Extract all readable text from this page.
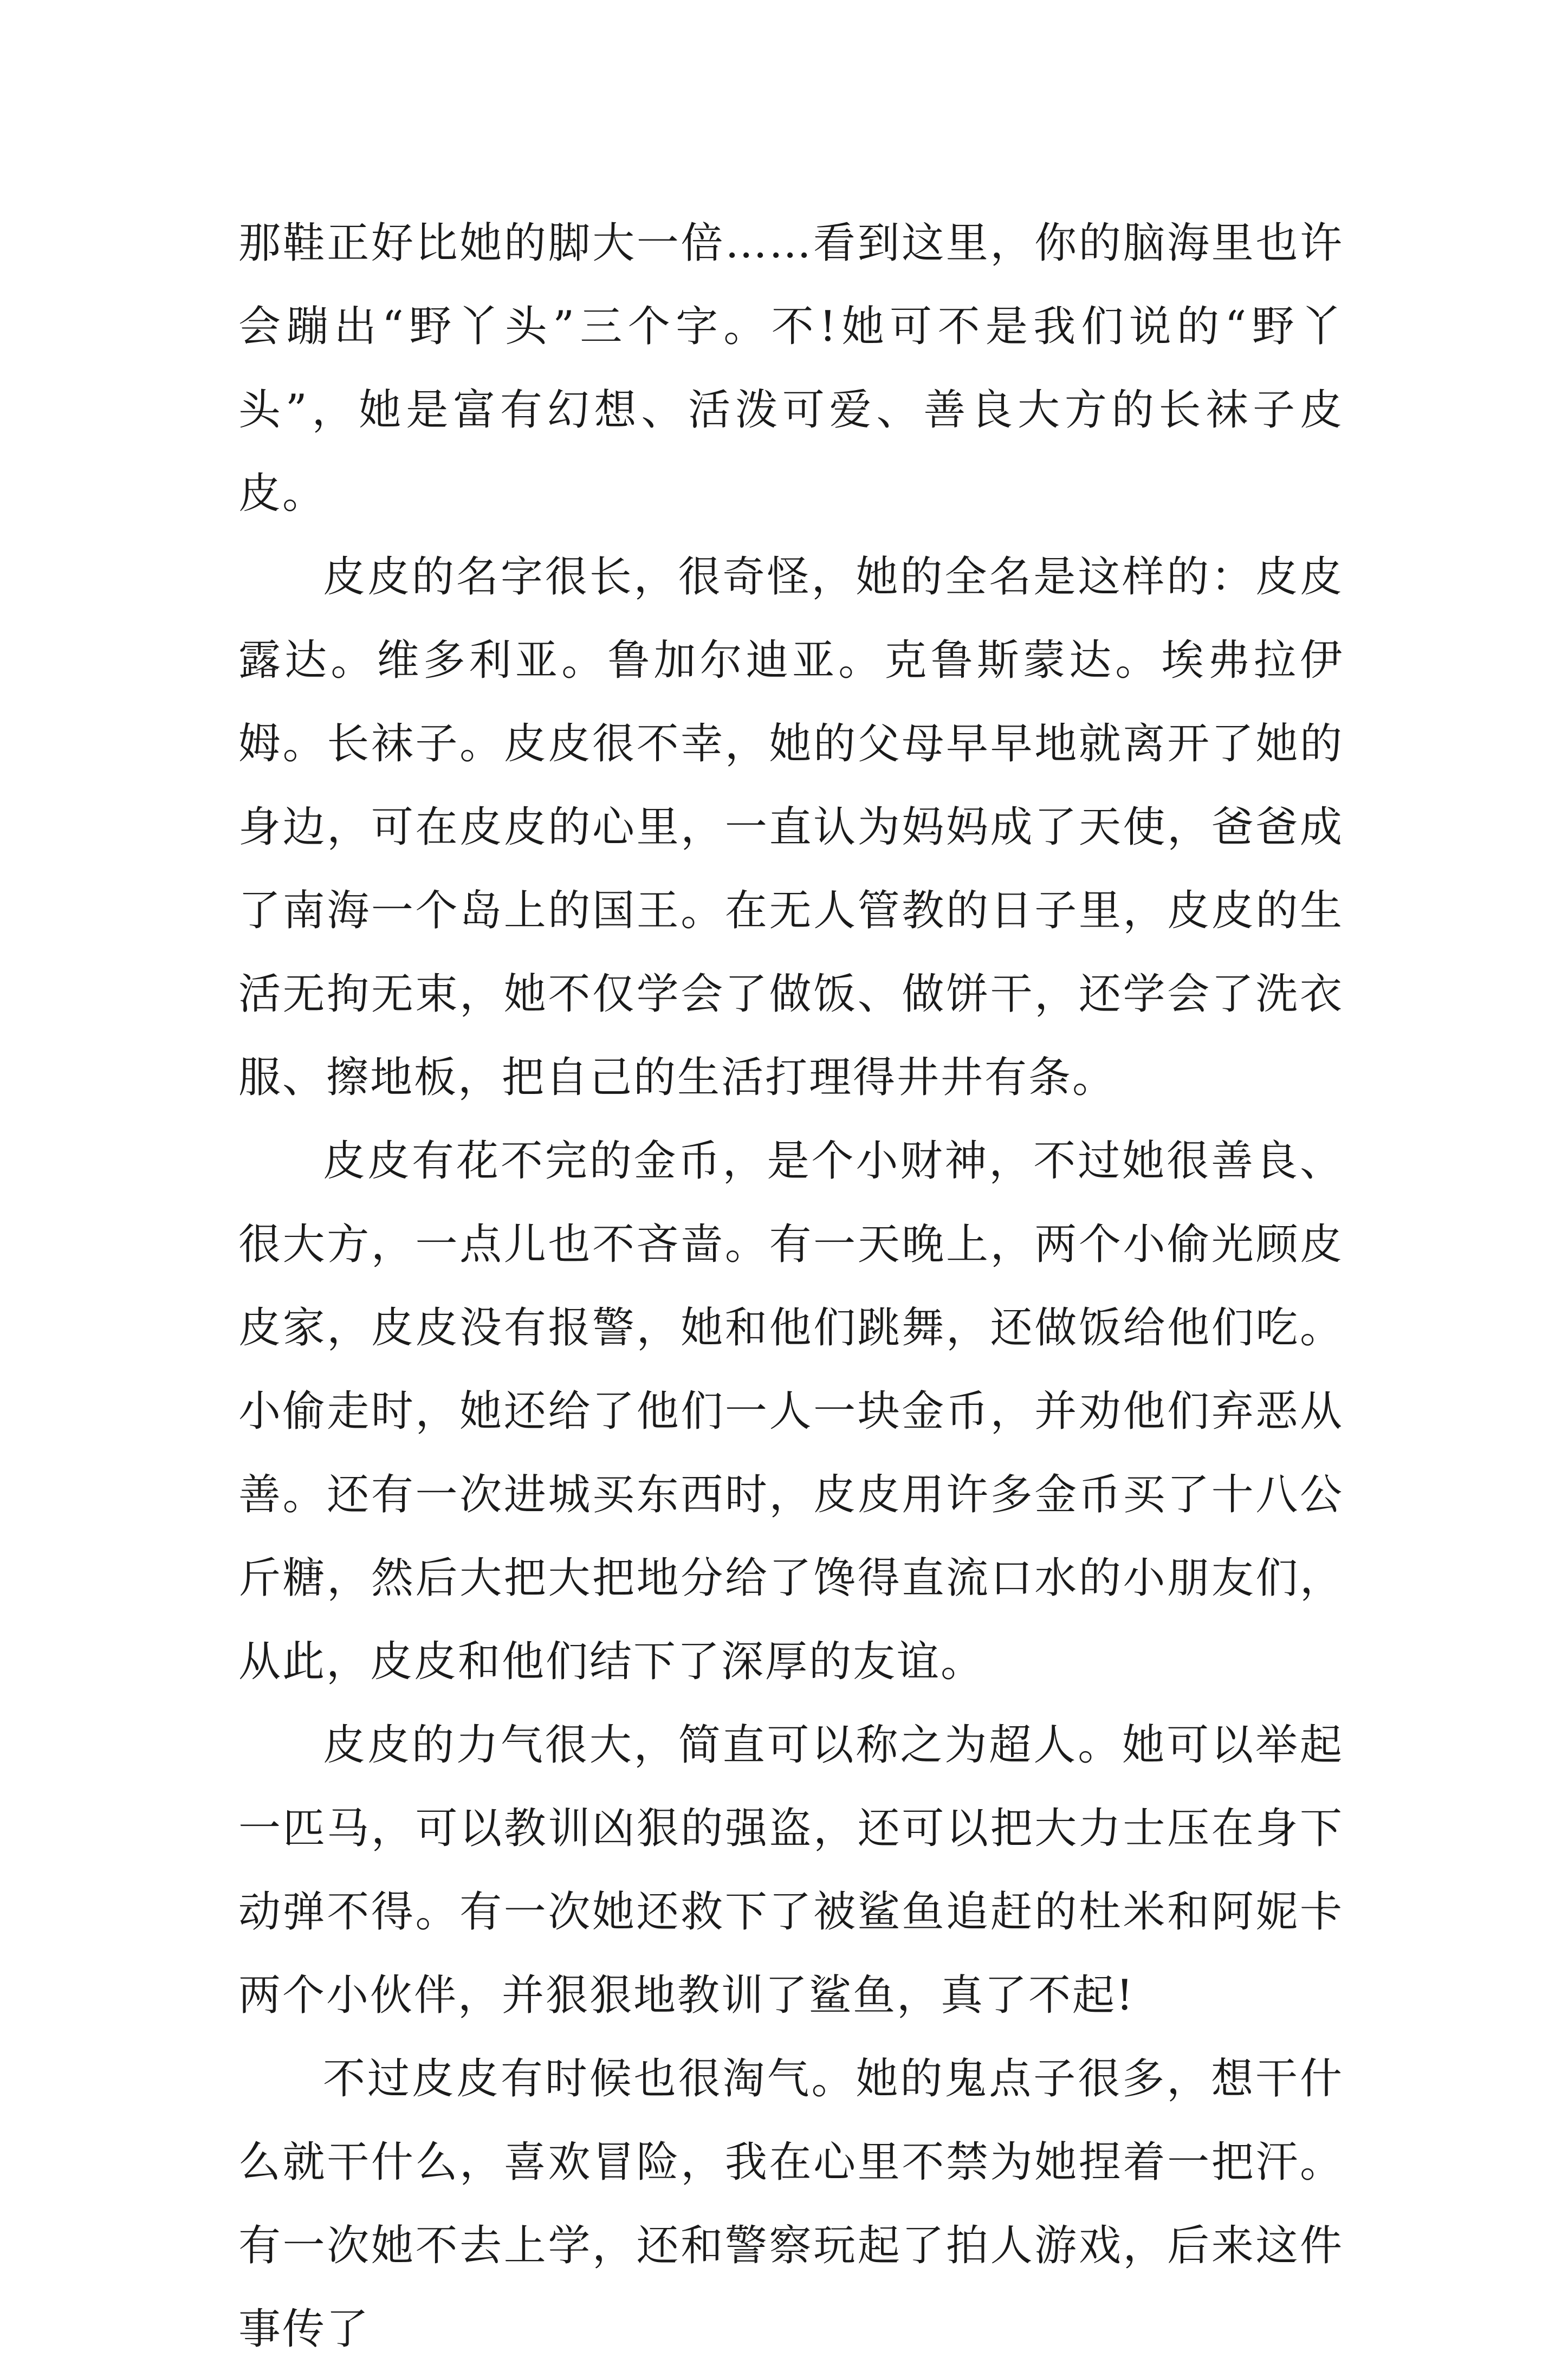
那鞋正好比她的脚大一倍……看到这里，你的脑海里也许会蹦出“野丫头”三个字。不!她可不是我们说的“野丫头”，她是富有幻想、活泼可爱、善良大方的长袜子皮皮。

皮皮的名字很长，很奇怪，她的全名是这样的：皮皮露达。维多利亚。鲁加尔迪亚。克鲁斯蒙达。埃弗拉伊姆。长袜子。皮皮很不幸，她的父母早早地就离开了她的身边，可在皮皮的心里，一直认为妈妈成了天使，爸爸成了南海一个岛上的国王。在无人管教的日子里，皮皮的生活无拘无束，她不仅学会了做饭、做饼干，还学会了洗衣服、擦地板，把自己的生活打理得井井有条。

皮皮有花不完的金币，是个小财神，不过她很善良、很大方，一点儿也不吝啬。有一天晚上，两个小偷光顾皮皮家，皮皮没有报警，她和他们跳舞，还做饭给他们吃。小偷走时，她还给了他们一人一块金币，并劝他们弃恶从善。还有一次进城买东西时，皮皮用许多金币买了十八公斤糖，然后大把大把地分给了馋得直流口水的小朋友们，从此，皮皮和他们结下了深厚的友谊。

皮皮的力气很大，简直可以称之为超人。她可以举起一匹马，可以教训凶狠的强盗，还可以把大力士压在身下动弹不得。有一次她还救下了被鲨鱼追赶的杜米和阿妮卡两个小伙伴，并狠狠地教训了鲨鱼，真了不起!

不过皮皮有时候也很淘气。她的鬼点子很多，想干什么就干什么，喜欢冒险，我在心里不禁为她捏着一把汗。有一次她不去上学，还和警察玩起了拍人游戏，后来这件事传了
